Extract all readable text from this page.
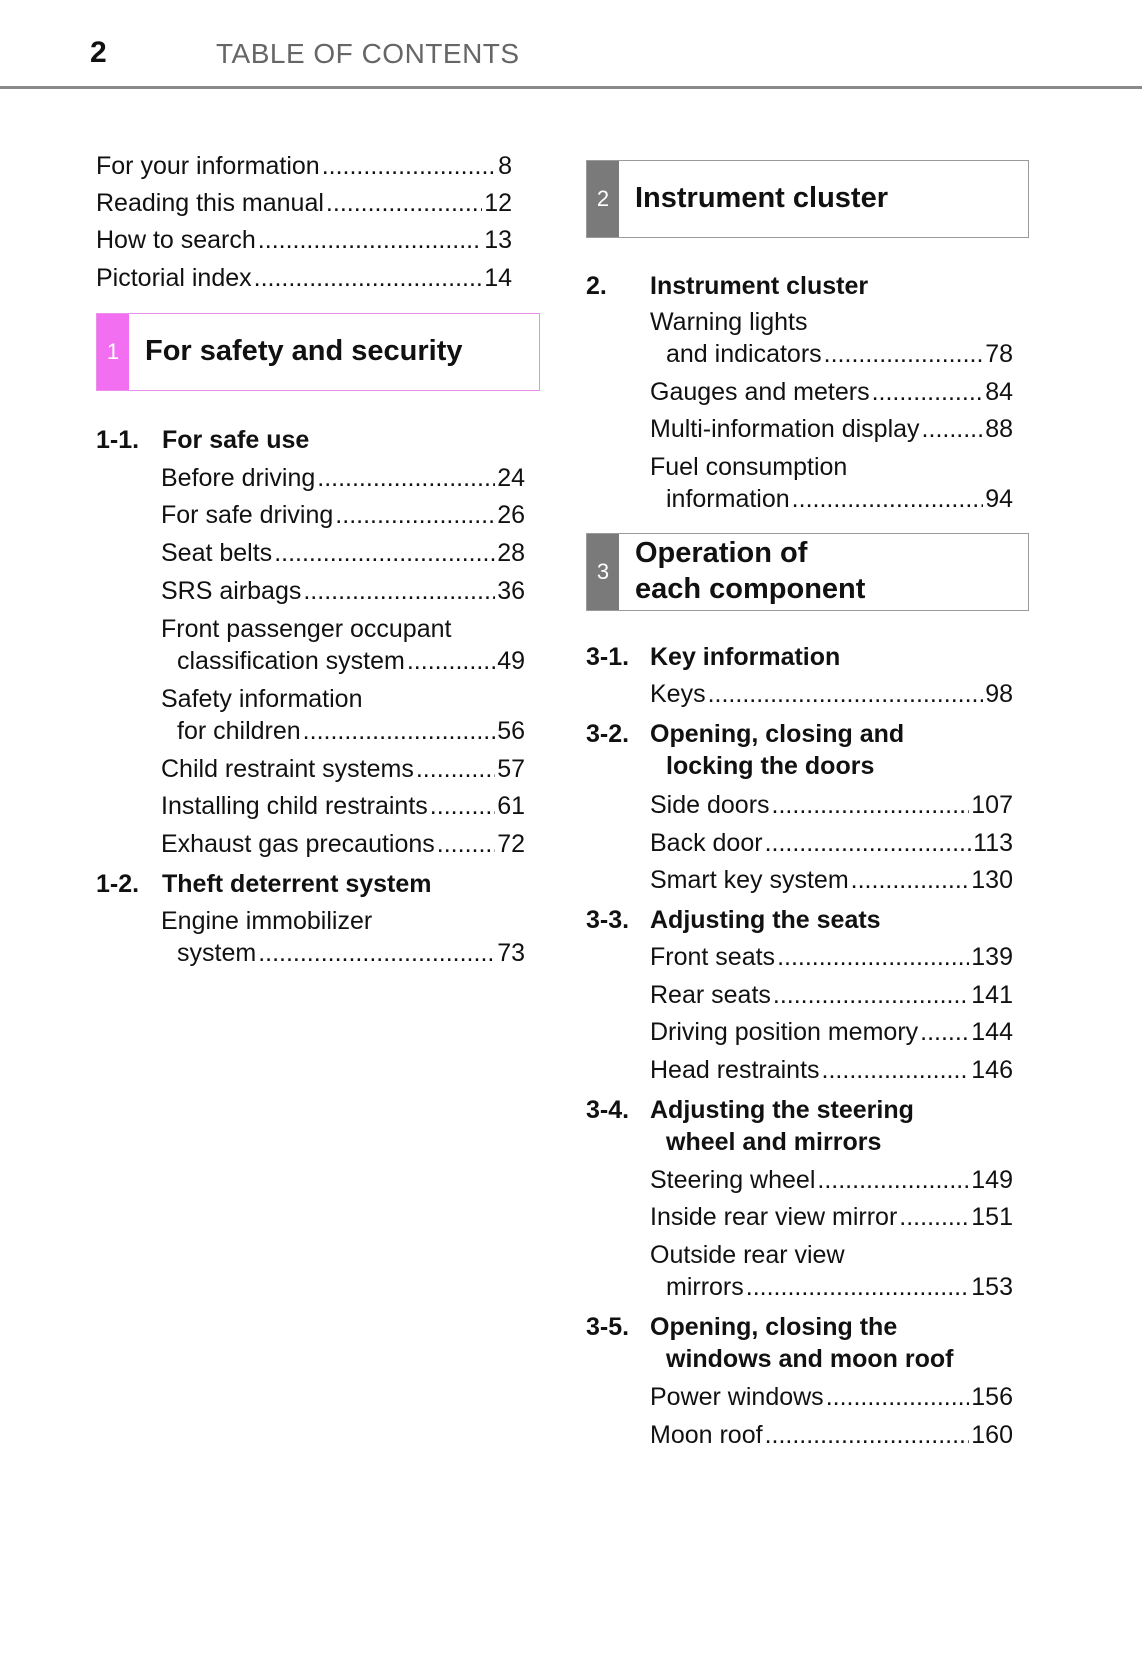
2	TABLE OF CONTENTS
For your information .....	8
Reading this manual .....	12
How to search .....	13
Pictorial index .....	14
1 For safety and security
1-1. For safe use
Before driving .....	24
For safe driving .....	26
Seat belts .....	28
SRS airbags .....	36
Front passenger occupant
classification system .....	49
Safety information
for children .....	56
Child restraint systems .....	57
Installing child restraints .....	61
Exhaust gas precautions ..... 72
1-2. Theft deterrent system
Engine immobilizer
system .....	73
2 Instrument cluster
2. Instrument cluster
Warning lights
and indicators .....	78
Gauges and meters .....	84
Multi-information display .....	88
Fuel consumption
information .....	94
3
Operation of
each component
3-1. Key information
Keys .....	98
3-2. Opening, closing and
locking the doors
Side doors .....	107
Back door .....	113
Smart key system .....	130
3-3. Adjusting the seats
Front seats .....	139
Rear seats .....	141
Driving position memory ..... 144
Head restraints .....	146
3-4. Adjusting the steering
wheel and mirrors
Steering wheel .....	149
Inside rear view mirror .....	151
Outside rear view
mirrors .....	153
3-5. Opening, closing the
windows and moon roof
Power windows .....	156
Moon roof .....	160
